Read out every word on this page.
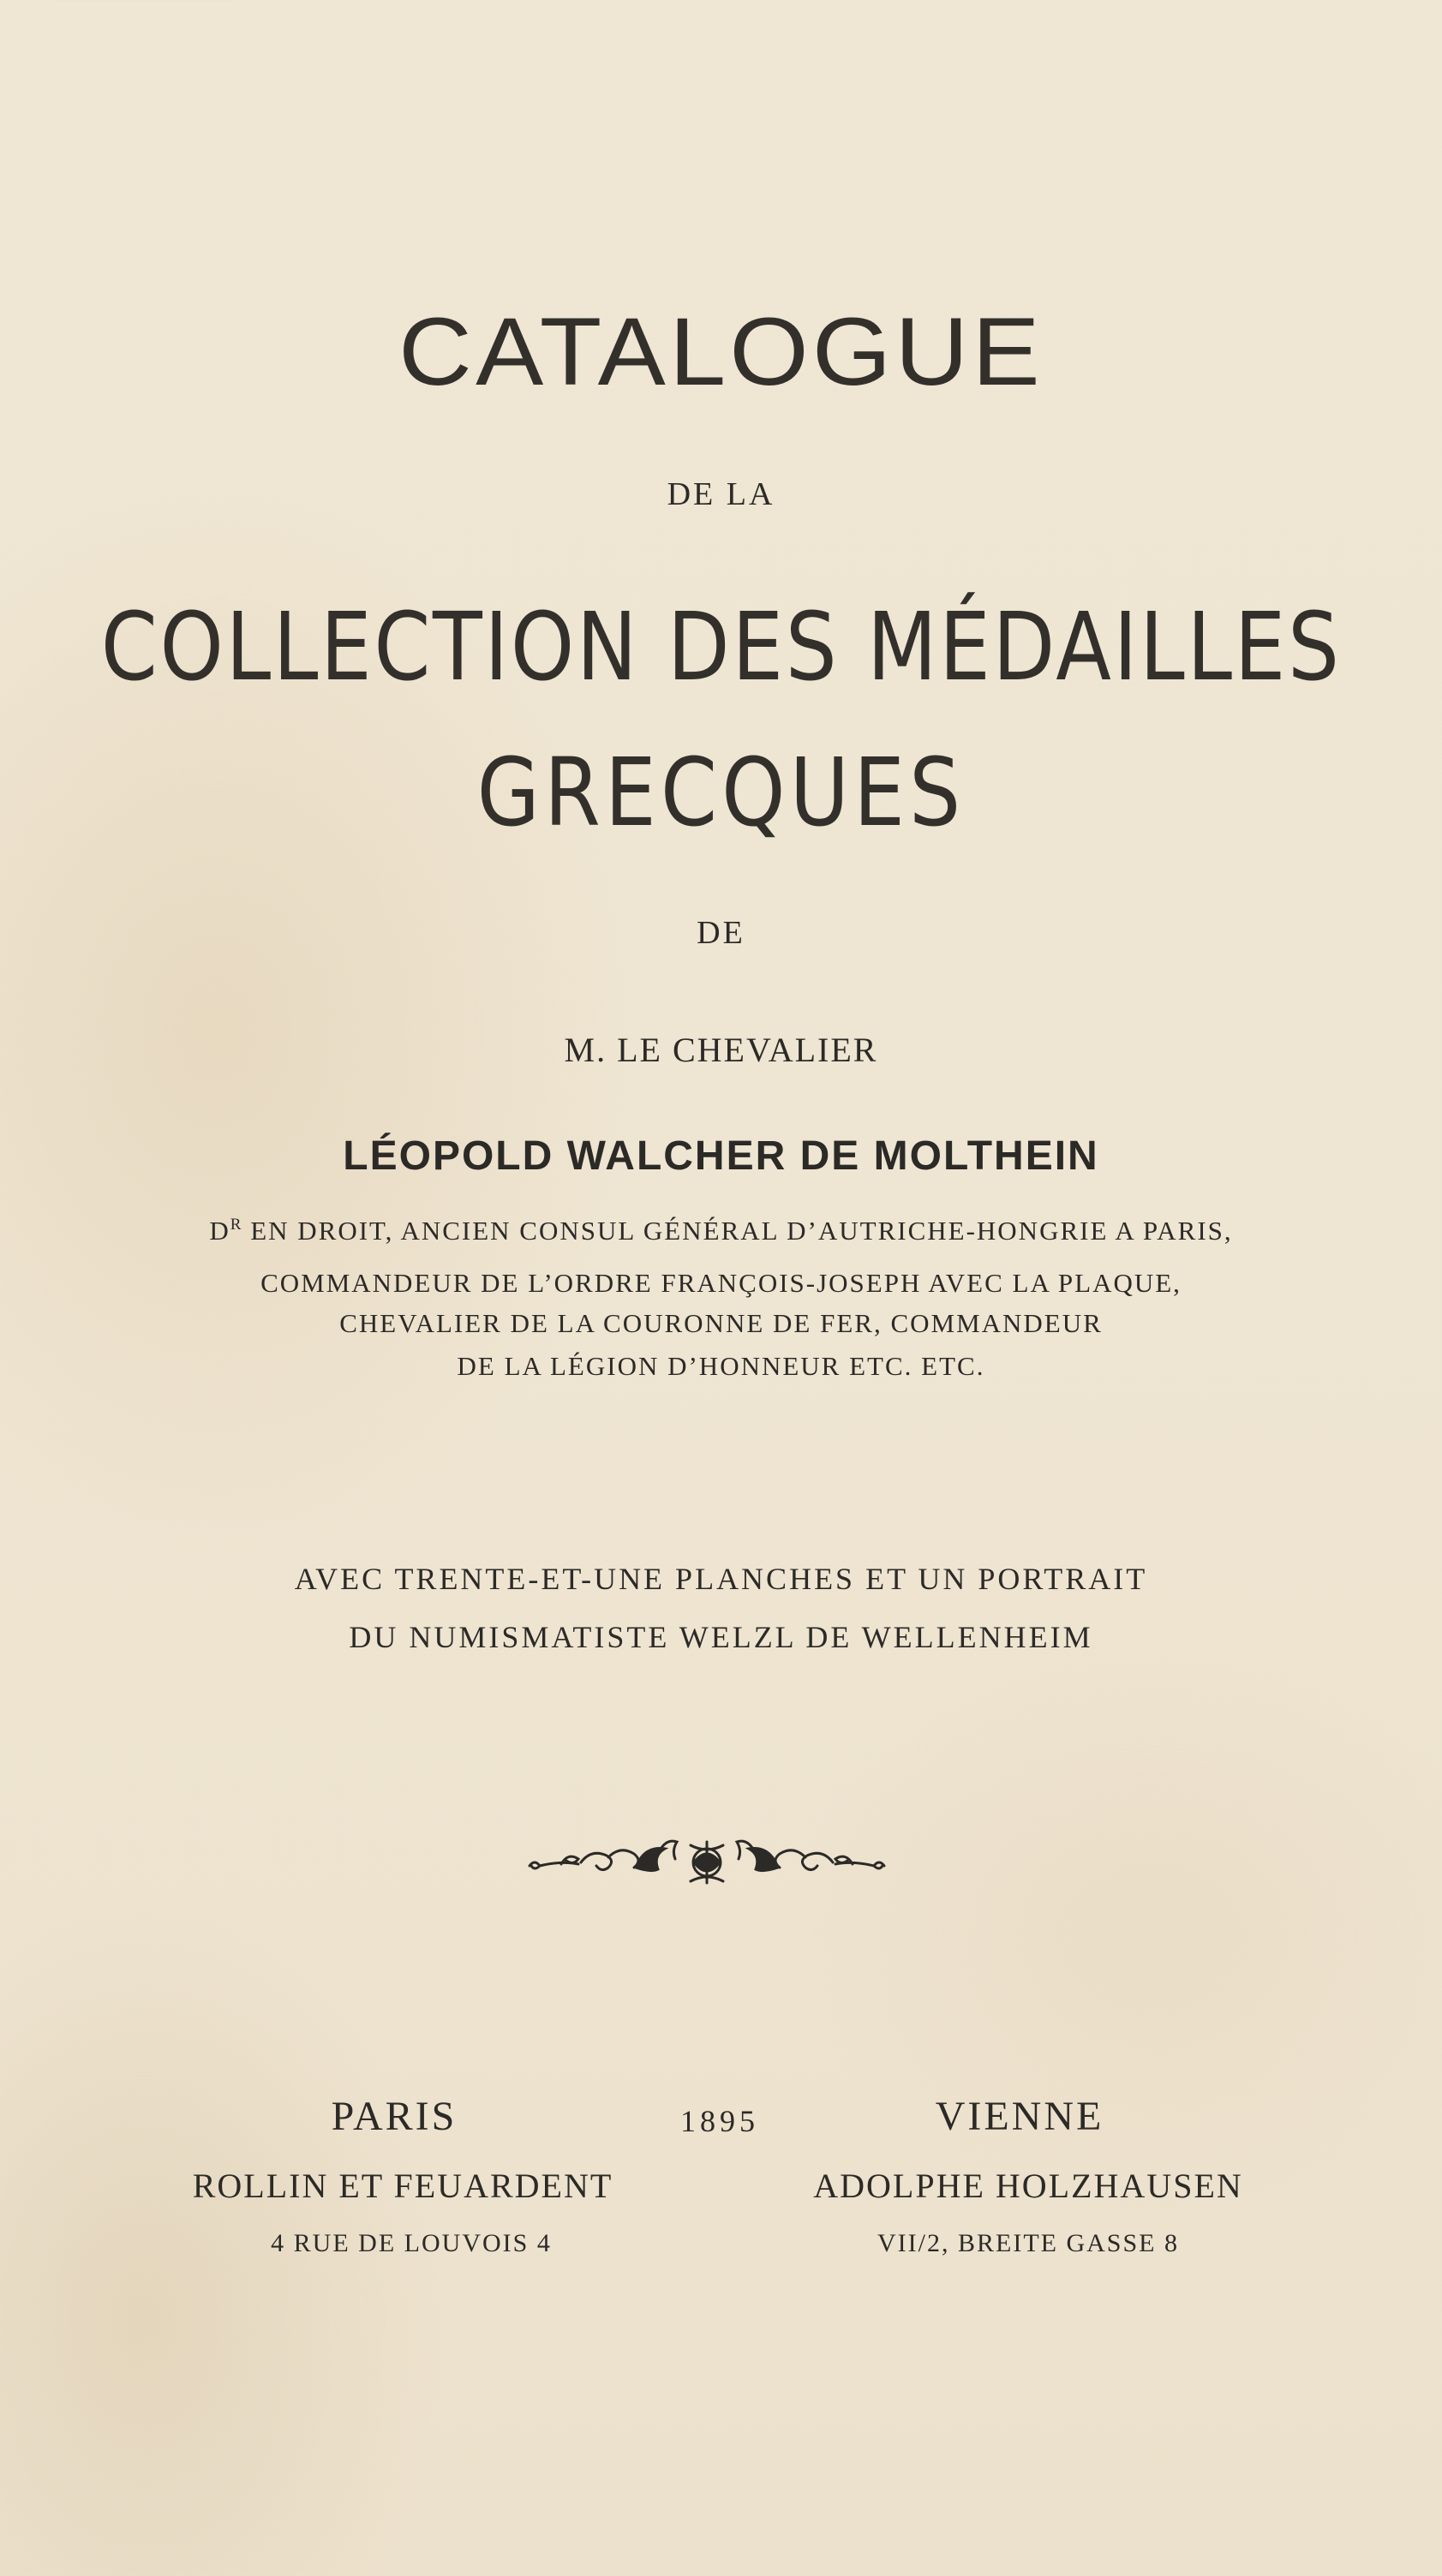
CATALOGUE
DE LA
COLLECTION DES MÉDAILLES
GRECQUES
DE
M. LE CHEVALIER
LÉOPOLD WALCHER DE MOLTHEIN
$D^R$ EN DROIT, ANCIEN CONSUL GÉNÉRAL D’AUTRICHE-HONGRIE A PARIS,
COMMANDEUR DE L’ORDRE FRANÇOIS-JOSEPH AVEC LA PLAQUE,
CHEVALIER DE LA COURONNE DE FER, COMMANDEUR
DE LA LÉGION D’HONNEUR ETC. ETC.
AVEC TRENTE-ET-UNE PLANCHES ET UN PORTRAIT
DU NUMISMATISTE WELZL DE WELLENHEIM
PARIS	1895	VIENNE
ROLLIN ET FEUARDENT	ADOLPHE HOLZHAUSEN
4 RUE DE LOUVOIS 4	VII/2, BREITE GASSE 8
